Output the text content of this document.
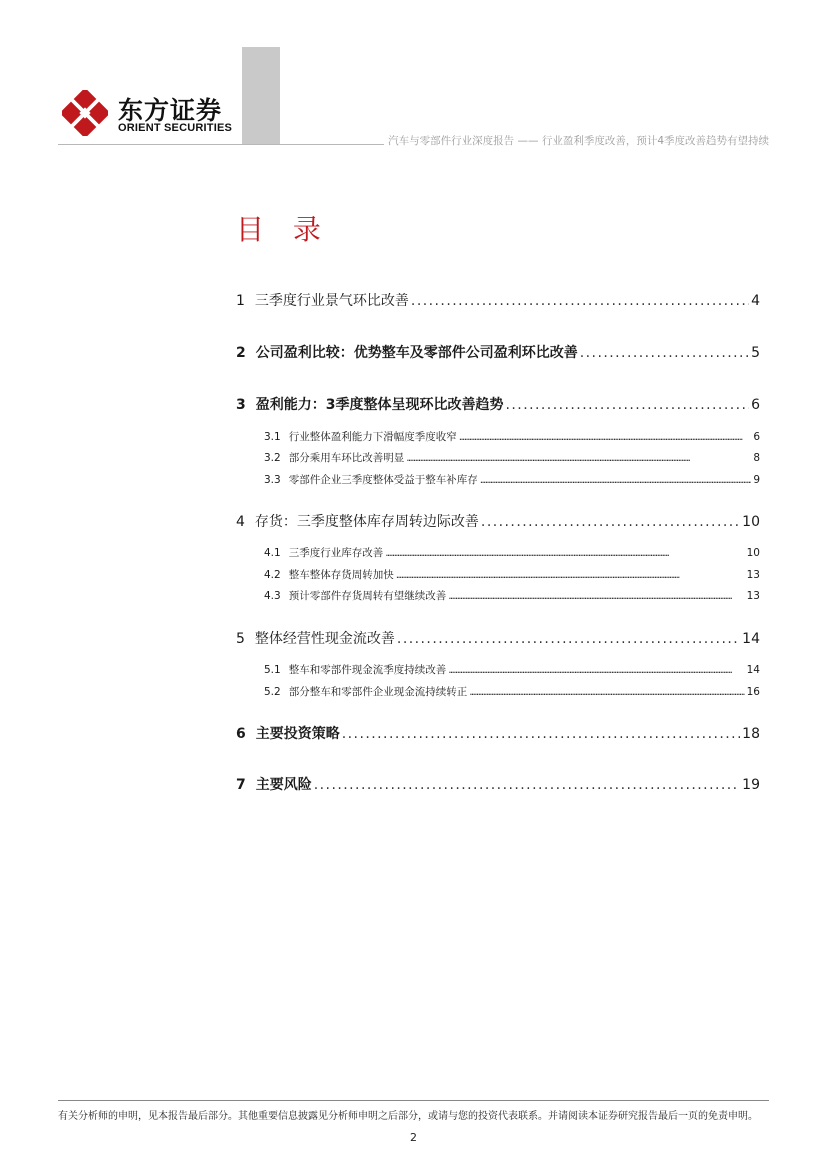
东方证券
ORIENT SECURITIES
汽车与零部件行业深度报告 —— 行业盈利季度改善，预计4季度改善趋势有望持续
目 录
1 三季度行业景气环比改善 . . .	4
2 公司盈利比较：优势整车及零部件公司盈利环比改善 . . .	5
3 盈利能力：3季度整体呈现环比改善趋势 . . .	6
3.1 行业整体盈利能力下滑幅度季度收窄 . . .	6
3.2 部分乘用车环比改善明显 . . .	8
3.3 零部件企业三季度整体受益于整车补库存 . . .	9
4 存货：三季度整体库存周转边际改善 . . .	10
4.1 三季度行业库存改善 . . .	10
4.2 整车整体存货周转加快 . . .	13
4.3 预计零部件存货周转有望继续改善 . . .	13
5 整体经营性现金流改善 . . .	14
5.1 整车和零部件现金流季度持续改善 . . .	14
5.2 部分整车和零部件企业现金流持续转正 . . .	16
6 主要投资策略 . . .	18
7 主要风险 . . .	19
有关分析师的申明，见本报告最后部分。其他重要信息披露见分析师申明之后部分，或请与您的投资代表联系。并请阅读本证券研究报告最后一页的免责申明。
2
